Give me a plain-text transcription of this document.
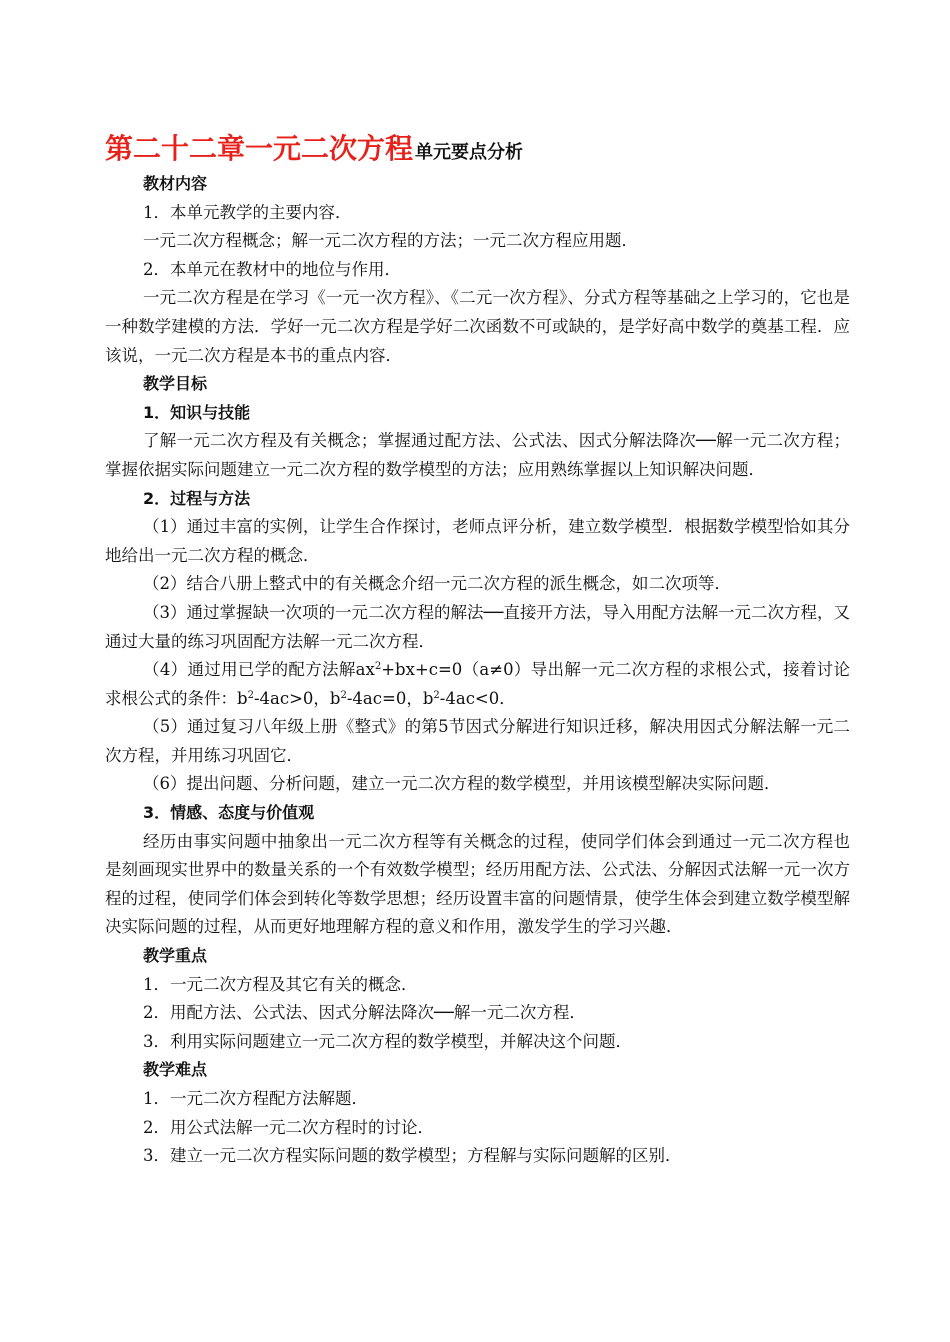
第二十二章一元二次方程 单元要点分析
教材内容
1．本单元教学的主要内容．
一元二次方程概念；解一元二次方程的方法；一元二次方程应用题．
2．本单元在教材中的地位与作用．

一元二次方程是在学习《一元一次方程》、《二元一次方程》、分式方程等基础之上学习的，它也是一种数学建模的方法．学好一元二次方程是学好二次函数不可或缺的，是学好高中数学的奠基工程．应该说，一元二次方程是本书的重点内容．

教学目标
1．知识与技能

了解一元二次方程及有关概念；掌握通过配方法、公式法、因式分解法降次──解一元二次方程；掌握依据实际问题建立一元二次方程的数学模型的方法；应用熟练掌握以上知识解决问题．

2．过程与方法

（1）通过丰富的实例，让学生合作探讨，老师点评分析，建立数学模型．根据数学模型恰如其分地给出一元二次方程的概念．

（2）结合八册上整式中的有关概念介绍一元二次方程的派生概念，如二次项等．

（3）通过掌握缺一次项的一元二次方程的解法──直接开方法，导入用配方法解一元二次方程，又通过大量的练习巩固配方法解一元二次方程．

（4）通过用已学的配方法解$ax^2+bx+c=0(a\ne 0)$导出解一元二次方程的求根公式，接着讨论求根公式的条件：$b^2-4ac>0$，$b^2-4ac=0$，$b^2-4ac<0$．

（5）通过复习八年级上册《整式》的第5节因式分解进行知识迁移，解决用因式分解法解一元二次方程，并用练习巩固它．

（6）提出问题、分析问题，建立一元二次方程的数学模型，并用该模型解决实际问题．

3．情感、态度与价值观

经历由事实问题中抽象出一元二次方程等有关概念的过程，使同学们体会到通过一元二次方程也是刻画现实世界中的数量关系的一个有效数学模型；经历用配方法、公式法、分解因式法解一元一次方程的过程，使同学们体会到转化等数学思想；经历设置丰富的问题情景，使学生体会到建立数学模型解决实际问题的过程，从而更好地理解方程的意义和作用，激发学生的学习兴趣．

教学重点
1．一元二次方程及其它有关的概念．
2．用配方法、公式法、因式分解法降次──解一元二次方程．
3．利用实际问题建立一元二次方程的数学模型，并解决这个问题．
教学难点
1．一元二次方程配方法解题．
2．用公式法解一元二次方程时的讨论．
3．建立一元二次方程实际问题的数学模型；方程解与实际问题解的区别．
